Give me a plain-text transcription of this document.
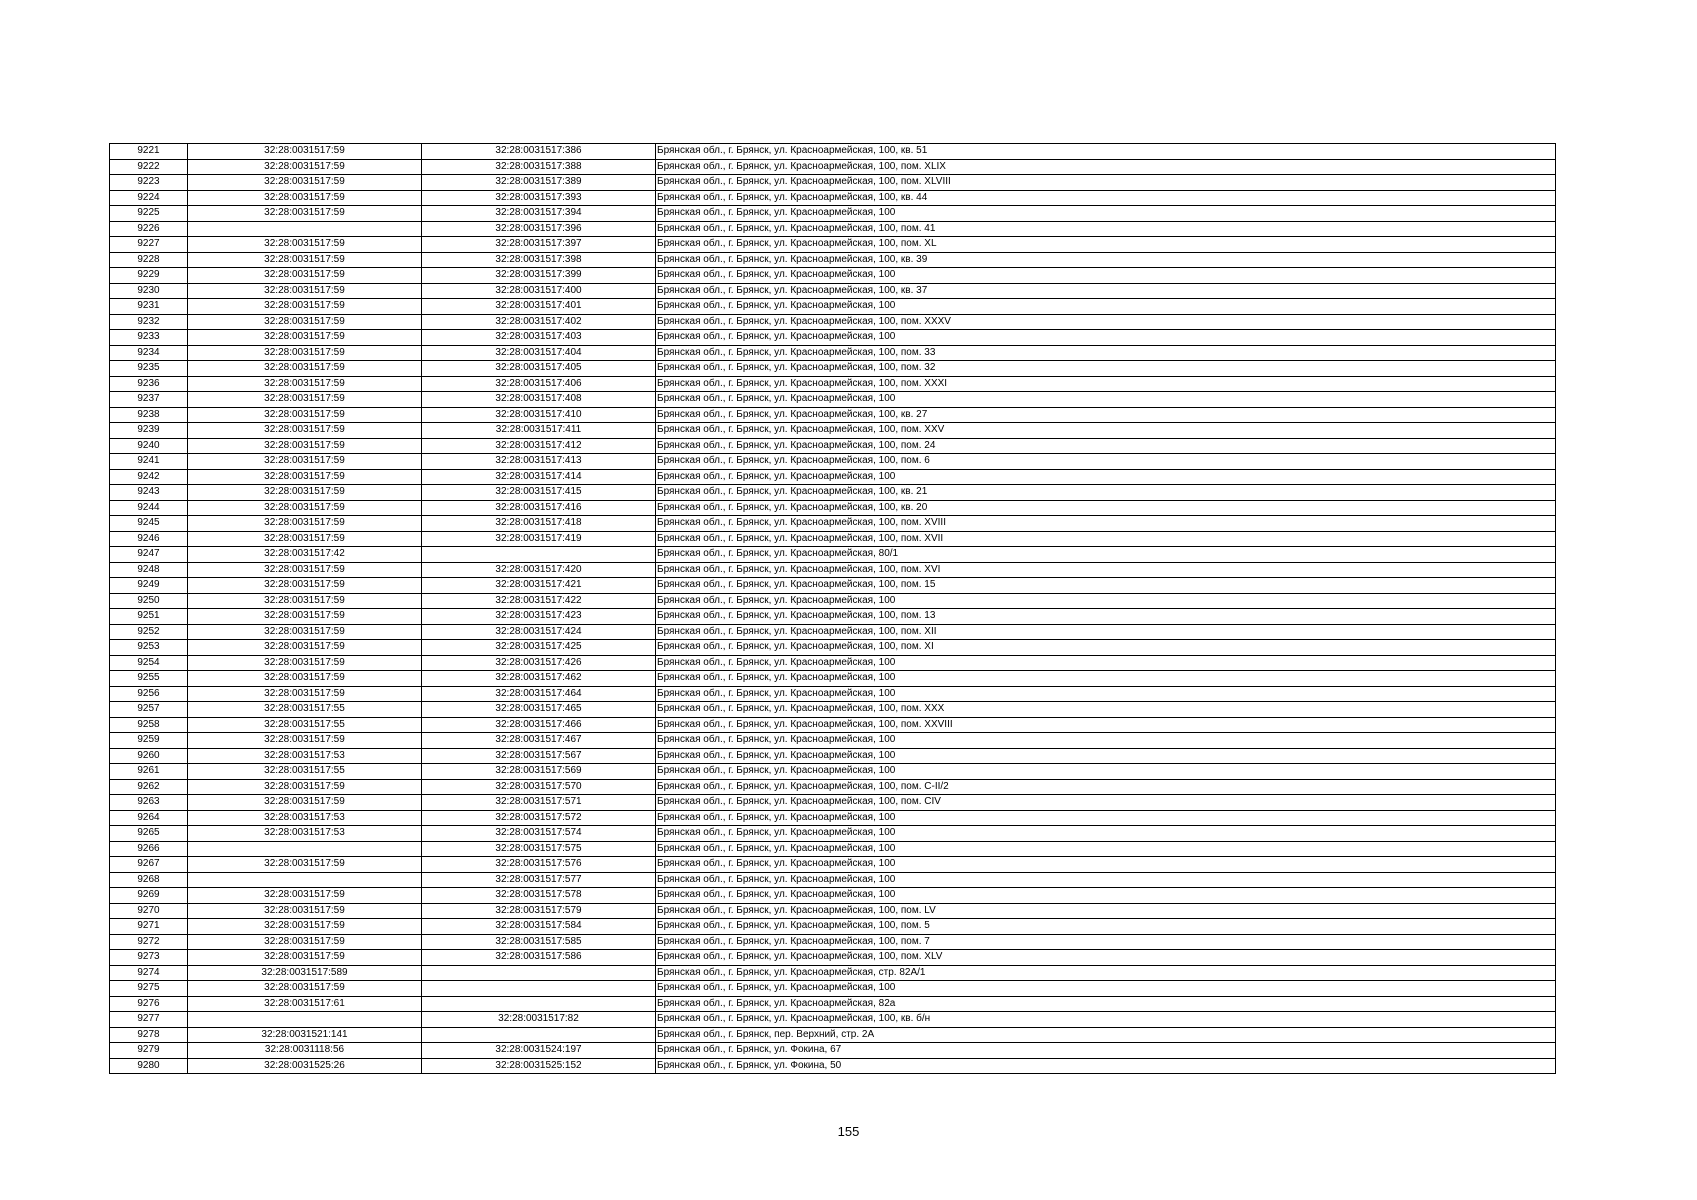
9221	32:28:0031517:59	32:28:0031517:386	Брянская обл., г. Брянск, ул. Красноармейская, 100, кв. 51
9222	32:28:0031517:59	32:28:0031517:388	Брянская обл., г. Брянск, ул. Красноармейская, 100, пом. XLIX
9223	32:28:0031517:59	32:28:0031517:389	Брянская обл., г. Брянск, ул. Красноармейская, 100, пом. XLVIII
9224	32:28:0031517:59	32:28:0031517:393	Брянская обл., г. Брянск, ул. Красноармейская, 100, кв. 44
9225	32:28:0031517:59	32:28:0031517:394	Брянская обл., г. Брянск, ул. Красноармейская, 100
9226		32:28:0031517:396	Брянская обл., г. Брянск, ул. Красноармейская, 100, пом. 41
9227	32:28:0031517:59	32:28:0031517:397	Брянская обл., г. Брянск, ул. Красноармейская, 100, пом. XL
9228	32:28:0031517:59	32:28:0031517:398	Брянская обл., г. Брянск, ул. Красноармейская, 100, кв. 39
9229	32:28:0031517:59	32:28:0031517:399	Брянская обл., г. Брянск, ул. Красноармейская, 100
9230	32:28:0031517:59	32:28:0031517:400	Брянская обл., г. Брянск, ул. Красноармейская, 100, кв. 37
9231	32:28:0031517:59	32:28:0031517:401	Брянская обл., г. Брянск, ул. Красноармейская, 100
9232	32:28:0031517:59	32:28:0031517:402	Брянская обл., г. Брянск, ул. Красноармейская, 100, пом. XXXV
9233	32:28:0031517:59	32:28:0031517:403	Брянская обл., г. Брянск, ул. Красноармейская, 100
9234	32:28:0031517:59	32:28:0031517:404	Брянская обл., г. Брянск, ул. Красноармейская, 100, пом. 33
9235	32:28:0031517:59	32:28:0031517:405	Брянская обл., г. Брянск, ул. Красноармейская, 100, пом. 32
9236	32:28:0031517:59	32:28:0031517:406	Брянская обл., г. Брянск, ул. Красноармейская, 100, пом. XXXI
9237	32:28:0031517:59	32:28:0031517:408	Брянская обл., г. Брянск, ул. Красноармейская, 100
9238	32:28:0031517:59	32:28:0031517:410	Брянская обл., г. Брянск, ул. Красноармейская, 100, кв. 27
9239	32:28:0031517:59	32:28:0031517:411	Брянская обл., г. Брянск, ул. Красноармейская, 100, пом. XXV
9240	32:28:0031517:59	32:28:0031517:412	Брянская обл., г. Брянск, ул. Красноармейская, 100, пом. 24
9241	32:28:0031517:59	32:28:0031517:413	Брянская обл., г. Брянск, ул. Красноармейская, 100, пом. 6
9242	32:28:0031517:59	32:28:0031517:414	Брянская обл., г. Брянск, ул. Красноармейская, 100
9243	32:28:0031517:59	32:28:0031517:415	Брянская обл., г. Брянск, ул. Красноармейская, 100, кв. 21
9244	32:28:0031517:59	32:28:0031517:416	Брянская обл., г. Брянск, ул. Красноармейская, 100, кв. 20
9245	32:28:0031517:59	32:28:0031517:418	Брянская обл., г. Брянск, ул. Красноармейская, 100, пом. XVIII
9246	32:28:0031517:59	32:28:0031517:419	Брянская обл., г. Брянск, ул. Красноармейская, 100, пом. XVII
9247	32:28:0031517:42		Брянская обл., г. Брянск, ул. Красноармейская, 80/1
9248	32:28:0031517:59	32:28:0031517:420	Брянская обл., г. Брянск, ул. Красноармейская, 100, пом. XVI
9249	32:28:0031517:59	32:28:0031517:421	Брянская обл., г. Брянск, ул. Красноармейская, 100, пом. 15
9250	32:28:0031517:59	32:28:0031517:422	Брянская обл., г. Брянск, ул. Красноармейская, 100
9251	32:28:0031517:59	32:28:0031517:423	Брянская обл., г. Брянск, ул. Красноармейская, 100, пом. 13
9252	32:28:0031517:59	32:28:0031517:424	Брянская обл., г. Брянск, ул. Красноармейская, 100, пом. XII
9253	32:28:0031517:59	32:28:0031517:425	Брянская обл., г. Брянск, ул. Красноармейская, 100, пом. XI
9254	32:28:0031517:59	32:28:0031517:426	Брянская обл., г. Брянск, ул. Красноармейская, 100
9255	32:28:0031517:59	32:28:0031517:462	Брянская обл., г. Брянск, ул. Красноармейская, 100
9256	32:28:0031517:59	32:28:0031517:464	Брянская обл., г. Брянск, ул. Красноармейская, 100
9257	32:28:0031517:55	32:28:0031517:465	Брянская обл., г. Брянск, ул. Красноармейская, 100, пом. XXX
9258	32:28:0031517:55	32:28:0031517:466	Брянская обл., г. Брянск, ул. Красноармейская, 100, пом. XXVIII
9259	32:28:0031517:59	32:28:0031517:467	Брянская обл., г. Брянск, ул. Красноармейская, 100
9260	32:28:0031517:53	32:28:0031517:567	Брянская обл., г. Брянск, ул. Красноармейская, 100
9261	32:28:0031517:55	32:28:0031517:569	Брянская обл., г. Брянск, ул. Красноармейская, 100
9262	32:28:0031517:59	32:28:0031517:570	Брянская обл., г. Брянск, ул. Красноармейская, 100, пом. C-II/2
9263	32:28:0031517:59	32:28:0031517:571	Брянская обл., г. Брянск, ул. Красноармейская, 100, пом. CIV
9264	32:28:0031517:53	32:28:0031517:572	Брянская обл., г. Брянск, ул. Красноармейская, 100
9265	32:28:0031517:53	32:28:0031517:574	Брянская обл., г. Брянск, ул. Красноармейская, 100
9266		32:28:0031517:575	Брянская обл., г. Брянск, ул. Красноармейская, 100
9267	32:28:0031517:59	32:28:0031517:576	Брянская обл., г. Брянск, ул. Красноармейская, 100
9268		32:28:0031517:577	Брянская обл., г. Брянск, ул. Красноармейская, 100
9269	32:28:0031517:59	32:28:0031517:578	Брянская обл., г. Брянск, ул. Красноармейская, 100
9270	32:28:0031517:59	32:28:0031517:579	Брянская обл., г. Брянск, ул. Красноармейская, 100, пом. LV
9271	32:28:0031517:59	32:28:0031517:584	Брянская обл., г. Брянск, ул. Красноармейская, 100, пом. 5
9272	32:28:0031517:59	32:28:0031517:585	Брянская обл., г. Брянск, ул. Красноармейская, 100, пом. 7
9273	32:28:0031517:59	32:28:0031517:586	Брянская обл., г. Брянск, ул. Красноармейская, 100, пом. XLV
9274	32:28:0031517:589		Брянская обл., г. Брянск, ул. Красноармейская, стр. 82А/1
9275	32:28:0031517:59		Брянская обл., г. Брянск, ул. Красноармейская, 100
9276	32:28:0031517:61		Брянская обл., г. Брянск, ул. Красноармейская, 82а
9277		32:28:0031517:82	Брянская обл., г. Брянск, ул. Красноармейская, 100, кв. б/н
9278	32:28:0031521:141		Брянская обл., г. Брянск, пер. Верхний, стр. 2А
9279	32:28:0031118:56	32:28:0031524:197	Брянская обл., г. Брянск, ул. Фокина, 67
9280	32:28:0031525:26	32:28:0031525:152	Брянская обл., г. Брянск, ул. Фокина, 50
155
